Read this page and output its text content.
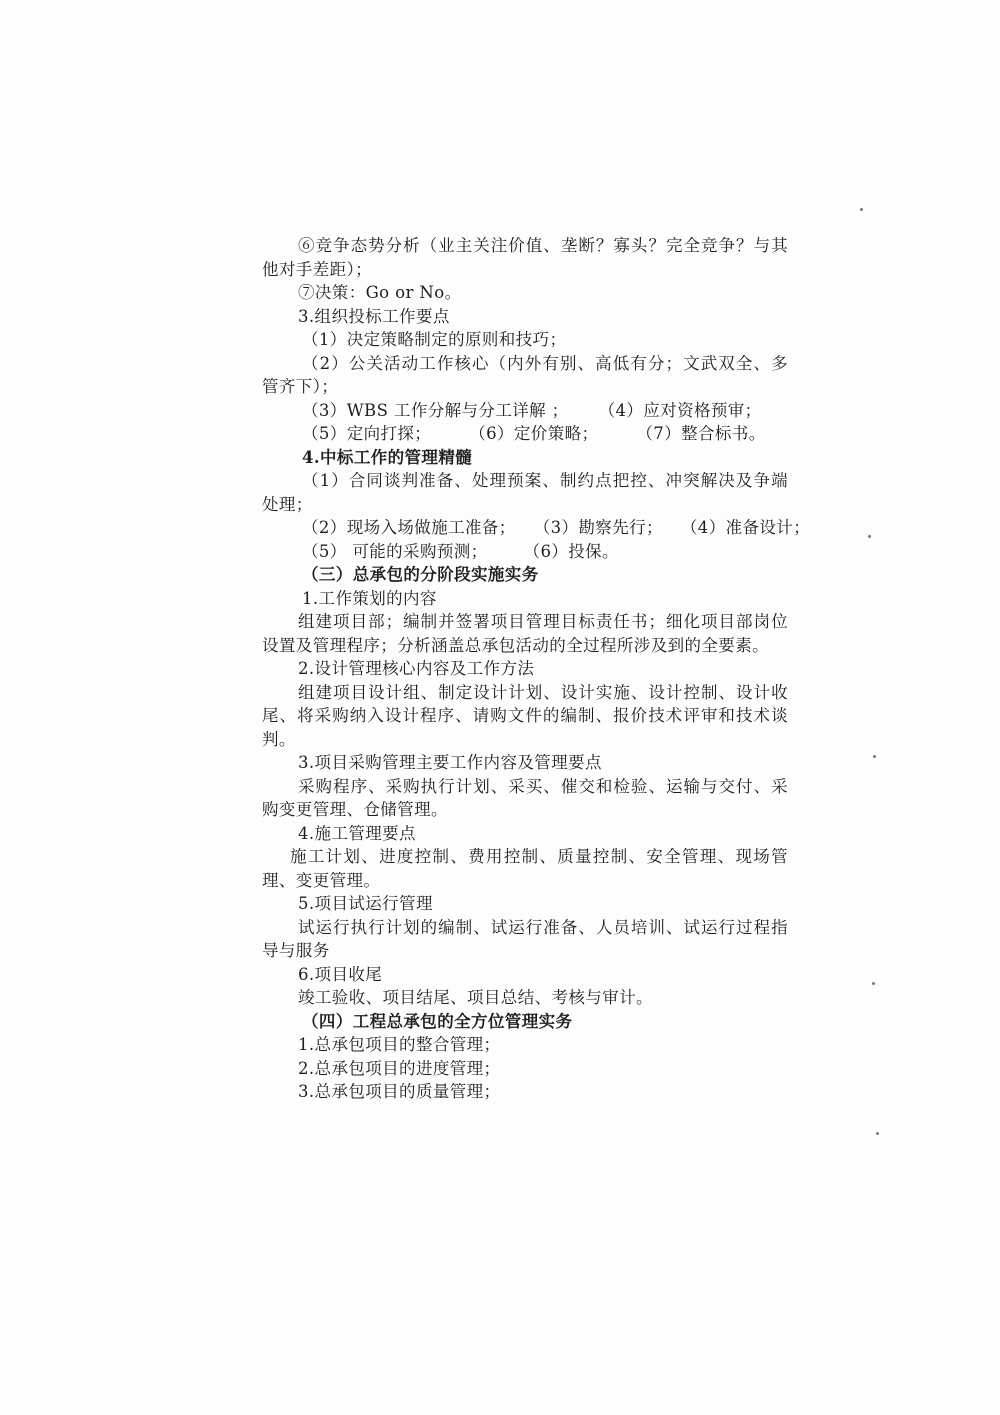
⑥竞争态势分析（业主关注价值、垄断？寡头？完全竞争？与其
他对手差距）；
⑦决策：Go or No。
3.组织投标工作要点
（1）决定策略制定的原则和技巧；
（2）公关活动工作核心（内外有别、高低有分；文武双全、多
管齐下）；
（3）WBS 工作分解与分工详解 ； （4）应对资格预审；
（5）定向打探； （6）定价策略； （7）整合标书。
4.中标工作的管理精髓
（1）合同谈判准备、处理预案、制约点把控、冲突解决及争端
处理；
（2）现场入场做施工准备； （3）勘察先行； （4）准备设计；
（5） 可能的采购预测； （6）投保。
（三）总承包的分阶段实施实务
1.工作策划的内容
组建项目部；编制并签署项目管理目标责任书；细化项目部岗位
设置及管理程序；分析涵盖总承包活动的全过程所涉及到的全要素。
2.设计管理核心内容及工作方法
组建项目设计组、制定设计计划、设计实施、设计控制、设计收
尾、将采购纳入设计程序、请购文件的编制、报价技术评审和技术谈
判。
3.项目采购管理主要工作内容及管理要点
采购程序、采购执行计划、采买、催交和检验、运输与交付、采
购变更管理、仓储管理。
4.施工管理要点
施工计划、进度控制、费用控制、质量控制、安全管理、现场管
理、变更管理。
5.项目试运行管理
试运行执行计划的编制、试运行准备、人员培训、试运行过程指
导与服务
6.项目收尾
竣工验收、项目结尾、项目总结、考核与审计。
（四）工程总承包的全方位管理实务
1.总承包项目的整合管理；
2.总承包项目的进度管理；
3.总承包项目的质量管理；
